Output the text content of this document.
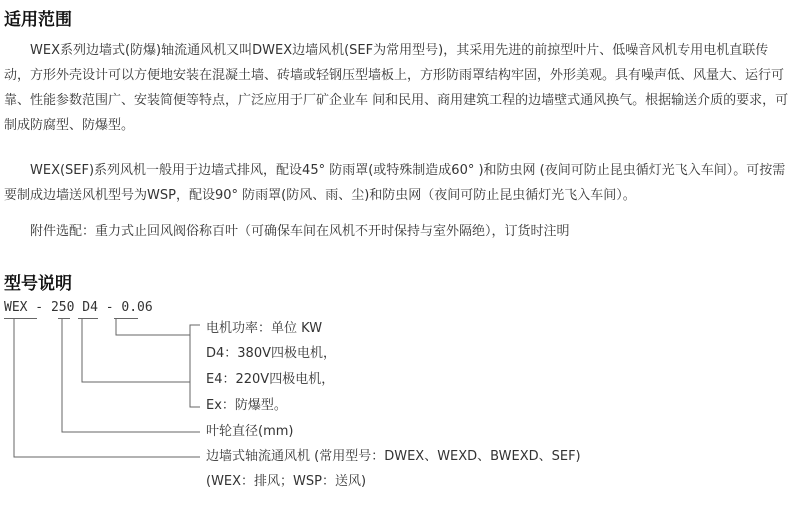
适用范围

WEX系列边墙式(防爆)轴流通风机又叫DWEX边墙风机(SEF为常用型号)，其采用先进的前掠型叶片、低噪音风机专用电机直联传动，方形外壳设计可以方便地安装在混凝土墙、砖墙或轻钢压型墙板上，方形防雨罩结构牢固，外形美观。具有噪声低、风量大、运行可靠、性能参数范围广、安装简便等特点，广泛应用于厂矿企业车 间和民用、商用建筑工程的边墙壁式通风换气。根据输送介质的要求，可制成防腐型、防爆型。

WEX(SEF)系列风机一般用于边墙式排风，配设45° 防雨罩(或特殊制造成60° )和防虫网 (夜间可防止昆虫循灯光飞入车间）。可按需要制成边墙送风机型号为WSP，配设90° 防雨罩(防风、雨、尘)和防虫网（夜间可防止昆虫循灯光飞入车间）。

附件选配：重力式止回风阀俗称百叶（可确保车间在风机不开时保持与室外隔绝），订货时注明

型号说明
WEX - 250 D4 - 0.06

电机功率：单位 KW

D4：380V四极电机，

E4：220V四极电机，

Ex：防爆型。

叶轮直径(mm)

边墙式轴流通风机 (常用型号：DWEX、WEXD、BWEXD、SEF)

(WEX：排风；WSP：送风)
